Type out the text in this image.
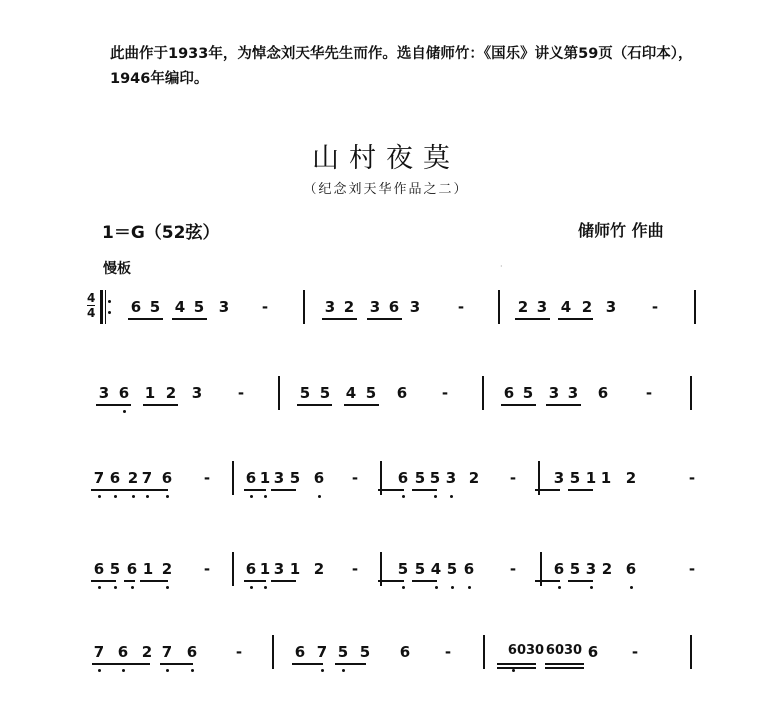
此曲作于1933年，为悼念刘天华先生而作。选自储师竹：《国乐》讲义第59页（石印本），1946年编印。
山村夜莫
（纪念刘天华作品之二）
1＝G（52弦）	储师竹 作曲
慢板
4
4
·
6 5 4 5 3 -	3 2 3 6 3	-	2 3 4 2 3 -
3 6 1 2 3 -	5 5 4 5 6 -	6 5 3 3 6	-
7 6 2 7 6 - 6 1 3 5 6 -	6 5 5 3 2 -	3 5 1 1 2	-
6 5 6 1 2 - 6 1 3 1 2 -	5 5 4 5 6 -	6 5 3 2 6	-
7 6 2 7 6	-	6 7 5 5 6 -	6030 6030 6 -
